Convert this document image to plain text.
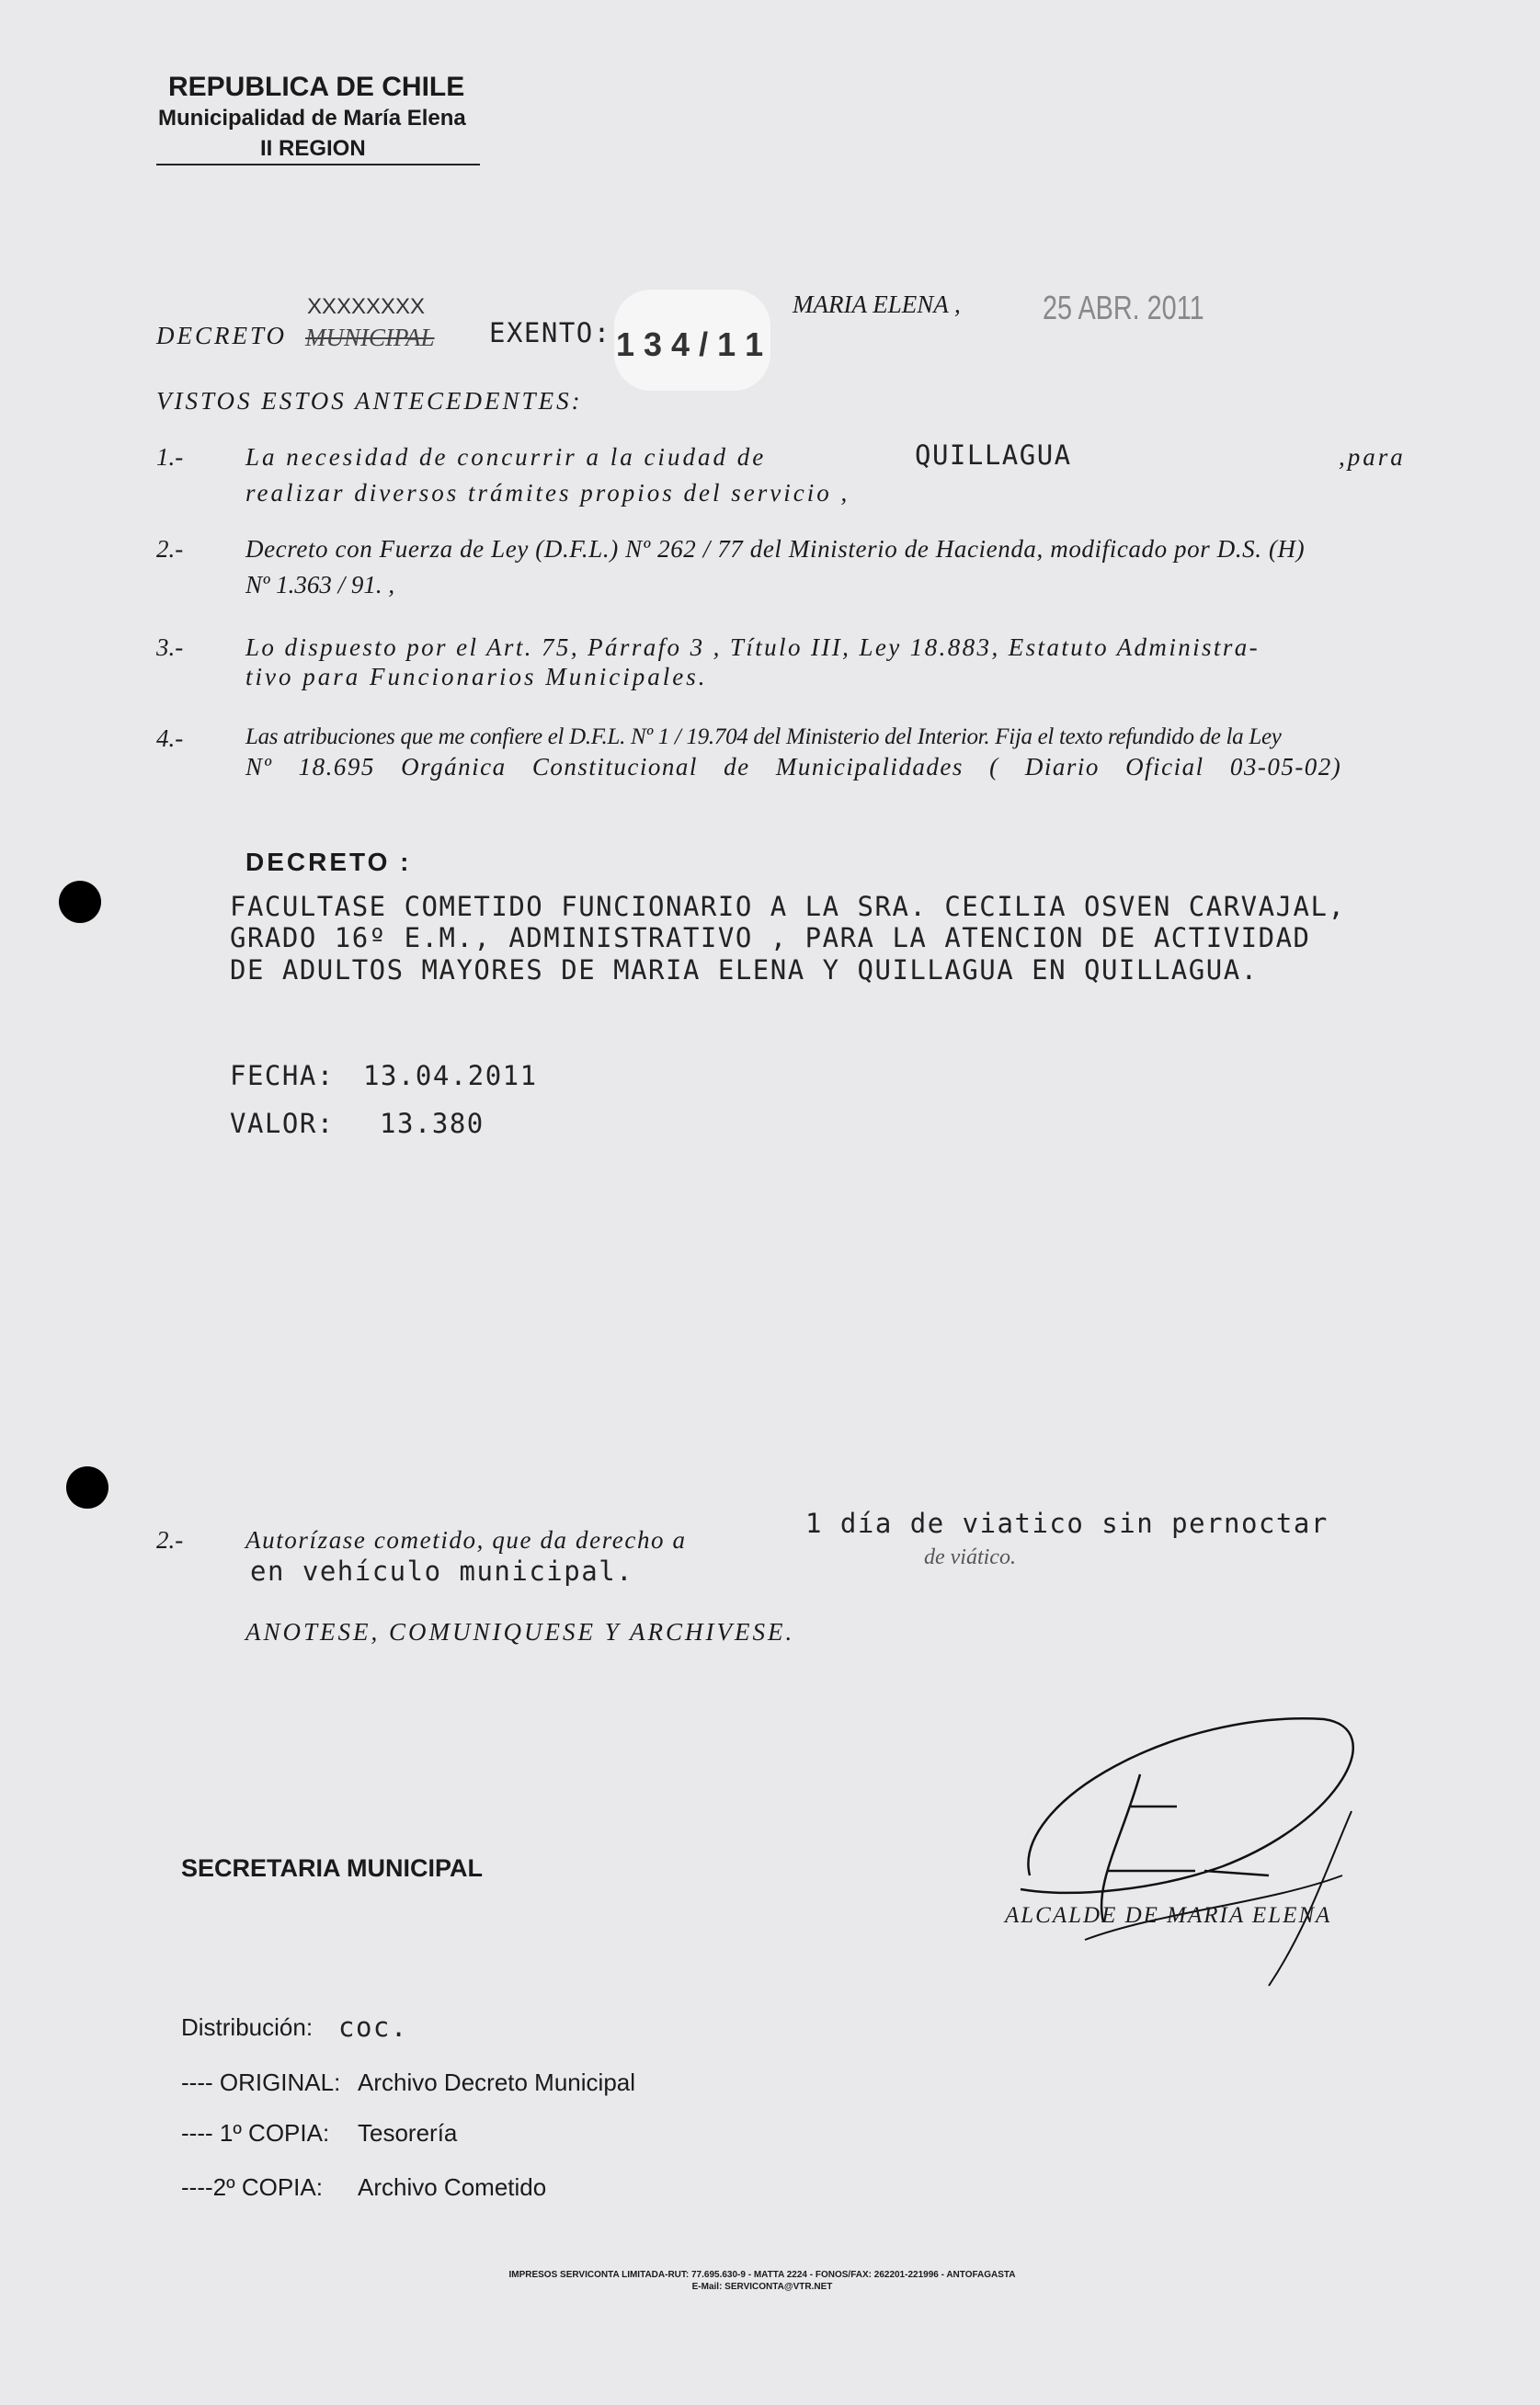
REPUBLICA DE CHILE
Municipalidad de María Elena
II REGION
DECRETO MUNICIPAL
XXXXXXXX
EXENTO: 1 3 4 / 1 1
MARIA ELENA , 25 ABR. 2011
VISTOS ESTOS ANTECEDENTES:
1.-	La necesidad de concurrir a la ciudad de	QUILLAGUA	,para
realizar diversos trámites propios del servicio ,
2.-	Decreto con Fuerza de Ley (D.F.L.) Nº 262 / 77 del Ministerio de Hacienda, modificado por D.S. (H)
Nº 1.363 / 91. ,
3.-	Lo dispuesto por el Art. 75, Párrafo 3 , Título III, Ley 18.883, Estatuto Administra-
tivo para Funcionarios Municipales.
4.-	Las atribuciones que me confiere el D.F.L. Nº 1 / 19.704 del Ministerio del Interior. Fija el texto refundido de la Ley
Nº 18.695 Orgánica Constitucional de Municipalidades ( Diario Oficial 03-05-02)
DECRETO :
FACULTASE COMETIDO FUNCIONARIO A LA SRA. CECILIA OSVEN CARVAJAL,
GRADO 16º E.M., ADMINISTRATIVO , PARA LA ATENCION DE ACTIVIDAD
DE ADULTOS MAYORES DE MARIA ELENA Y QUILLAGUA EN QUILLAGUA.
FECHA: 13.04.2011
VALOR: 13.380
2.-	Autorízase cometido, que da derecho a
1 día de viatico sin pernoctar
de viático.
en vehículo municipal.
ANOTESE, COMUNIQUESE Y ARCHIVESE.
SECRETARIA MUNICIPAL
ALCALDE DE MARIA ELENA
Distribución: coc.
---- ORIGINAL: Archivo Decreto Municipal
---- 1º COPIA: Tesorería
----2º COPIA: Archivo Cometido
IMPRESOS SERVICONTA LIMITADA-RUT: 77.695.630-9 - MATTA 2224 - FONOS/FAX: 262201-221996 - ANTOFAGASTA
E-Mail: SERVICONTA@VTR.NET
